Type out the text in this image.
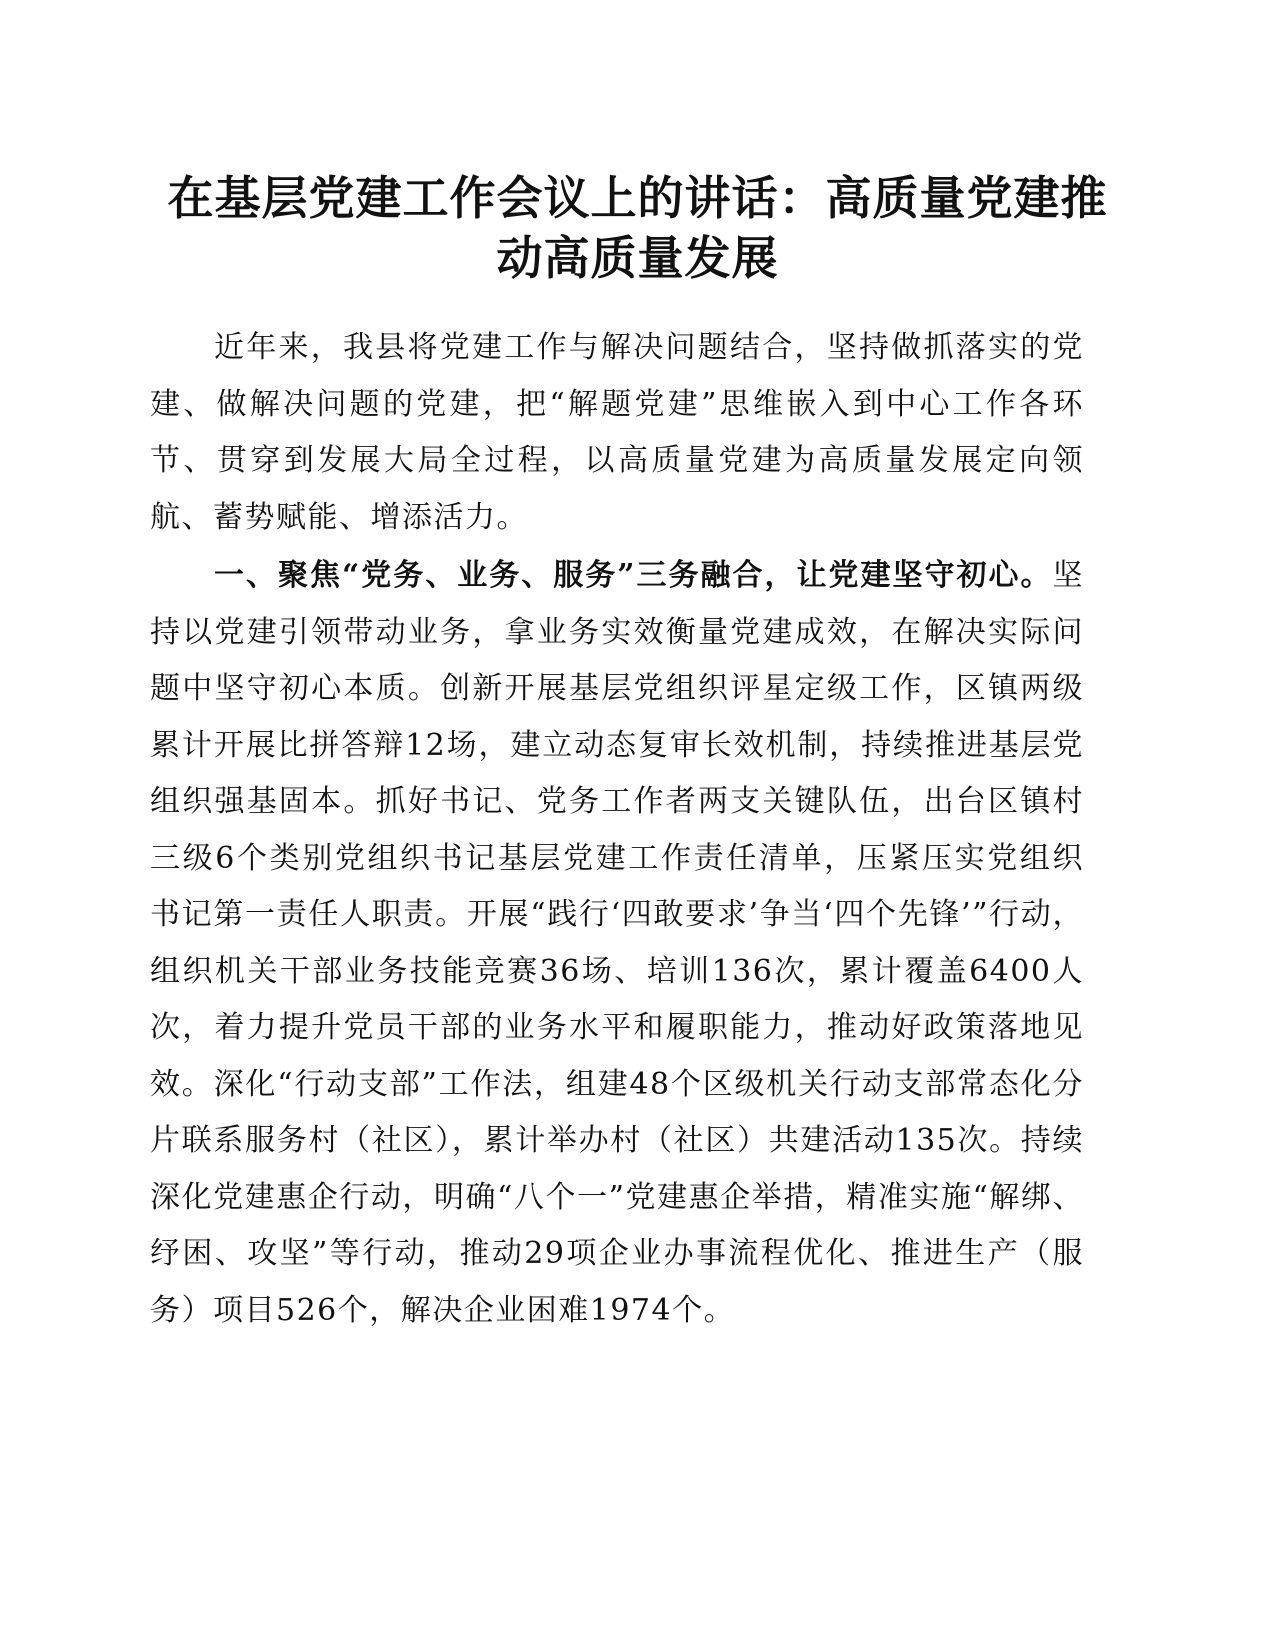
在基层党建工作会议上的讲话：高质量党建推动高质量发展

近年来，我县将党建工作与解决问题结合，坚持做抓落实的党建、做解决问题的党建，把“解题党建”思维嵌入到中心工作各环节、贯穿到发展大局全过程，以高质量党建为高质量发展定向领航、蓄势赋能、增添活力。

一、聚焦“党务、业务、服务”三务融合，让党建坚守初心。坚持以党建引领带动业务，拿业务实效衡量党建成效，在解决实际问题中坚守初心本质。创新开展基层党组织评星定级工作，区镇两级累计开展比拼答辩12场，建立动态复审长效机制，持续推进基层党组织强基固本。抓好书记、党务工作者两支关键队伍，出台区镇村三级6个类别党组织书记基层党建工作责任清单，压紧压实党组织书记第一责任人职责。开展“践行‘四敢要求’争当‘四个先锋’”行动，组织机关干部业务技能竞赛36场、培训136次，累计覆盖6400人次，着力提升党员干部的业务水平和履职能力，推动好政策落地见效。深化“行动支部”工作法，组建48个区级机关行动支部常态化分片联系服务村（社区），累计举办村（社区）共建活动135次。持续深化党建惠企行动，明确“八个一”党建惠企举措，精准实施“解绑、纾困、攻坚”等行动，推动29项企业办事流程优化、推进生产（服务）项目526个，解决企业困难1974个。
